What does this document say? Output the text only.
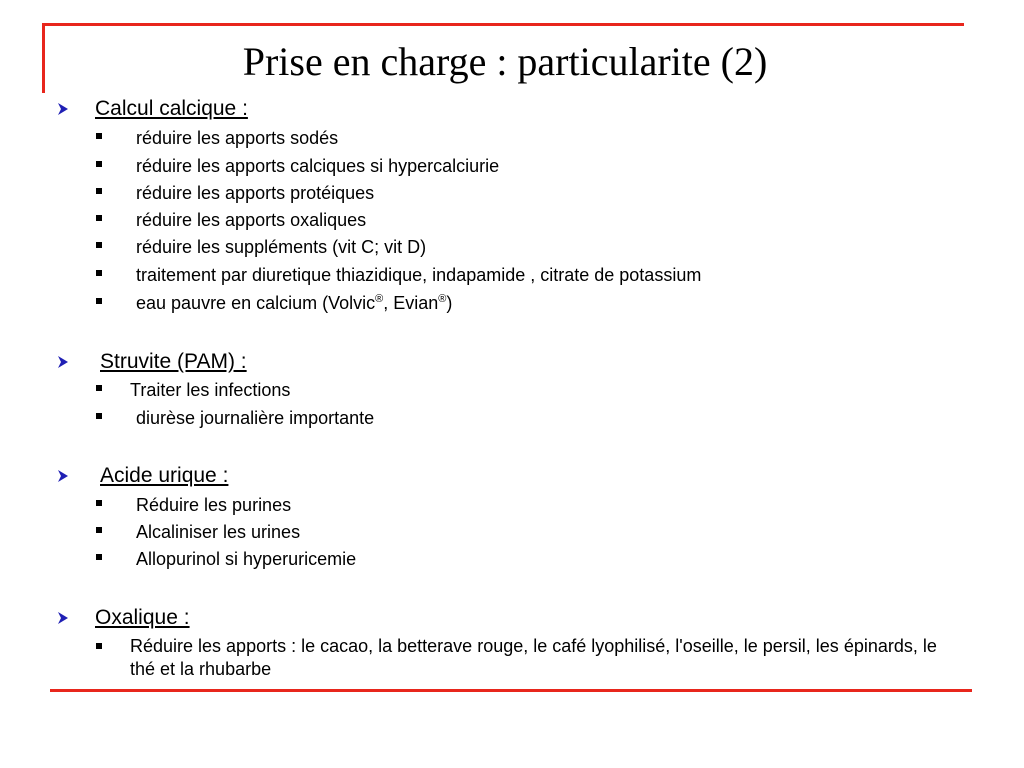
Prise en charge : particularite (2)
Calcul calcique :
réduire les apports sodés
réduire les apports calciques si hypercalciurie
réduire les apports protéiques
réduire les apports oxaliques
réduire les suppléments (vit C; vit D)
traitement par diuretique thiazidique, indapamide , citrate de potassium
eau pauvre en calcium (Volvic®, Evian®)
Struvite (PAM) :
Traiter les infections
diurèse journalière importante
Acide urique :
Réduire les purines
Alcaliniser les urines
Allopurinol si hyperuricemie
Oxalique :
Réduire les apports : le cacao, la betterave rouge, le café lyophilisé, l'oseille, le persil, les épinards, le thé et la rhubarbe
